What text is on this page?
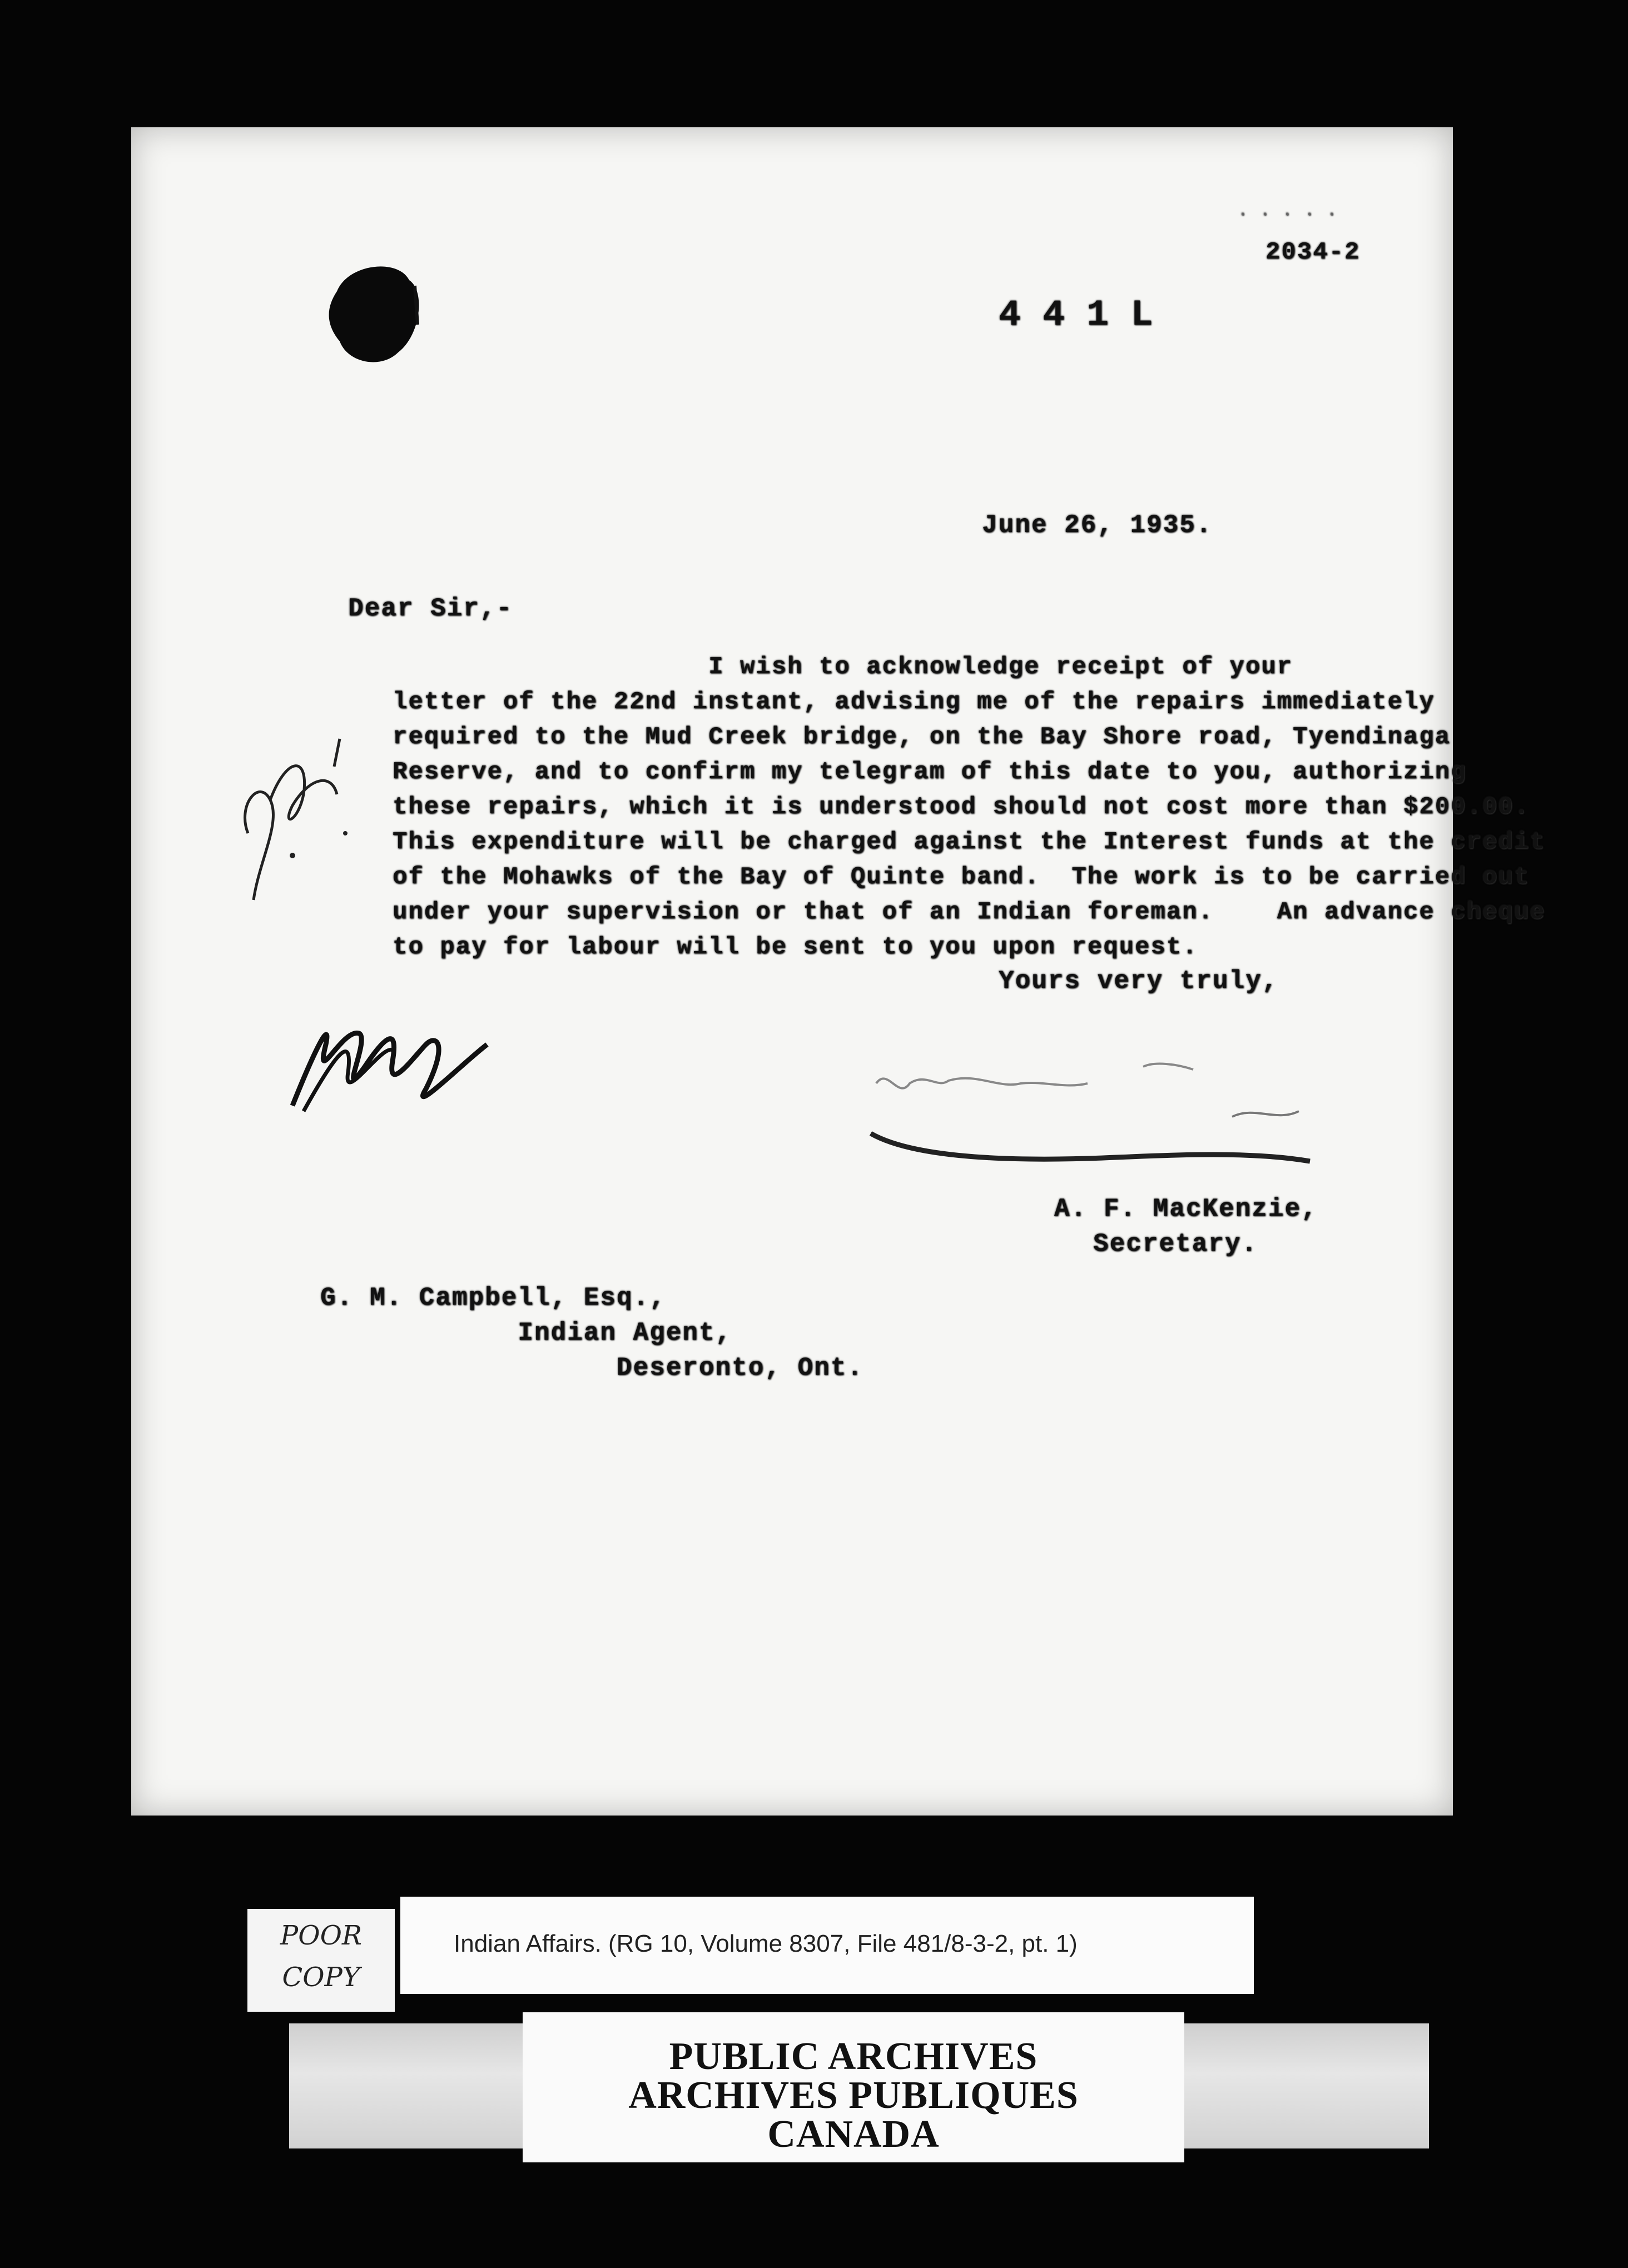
· · · · ·
2034-2
4 4 1 L
June 26, 1935.
Dear Sir,-
I wish to acknowledge receipt of your
letter of the 22nd instant, advising me of the repairs immediately
required to the Mud Creek bridge, on the Bay Shore road, Tyendinaga
Reserve, and to confirm my telegram of this date to you, authorizing
these repairs, which it is understood should not cost more than $200.00.
This expenditure will be charged against the Interest funds at the credit
of the Mohawks of the Bay of Quinte band.  The work is to be carried out
under your supervision or that of an Indian foreman.    An advance cheque
to pay for labour will be sent to you upon request.
Yours very truly,
A. F. MacKenzie,
Secretary.
G. M. Campbell, Esq.,
Indian Agent,
Deseronto, Ont.
POOR
COPY
Indian Affairs. (RG 10, Volume 8307, File 481/8-3-2, pt. 1)
PUBLIC ARCHIVES
ARCHIVES PUBLIQUES
CANADA
